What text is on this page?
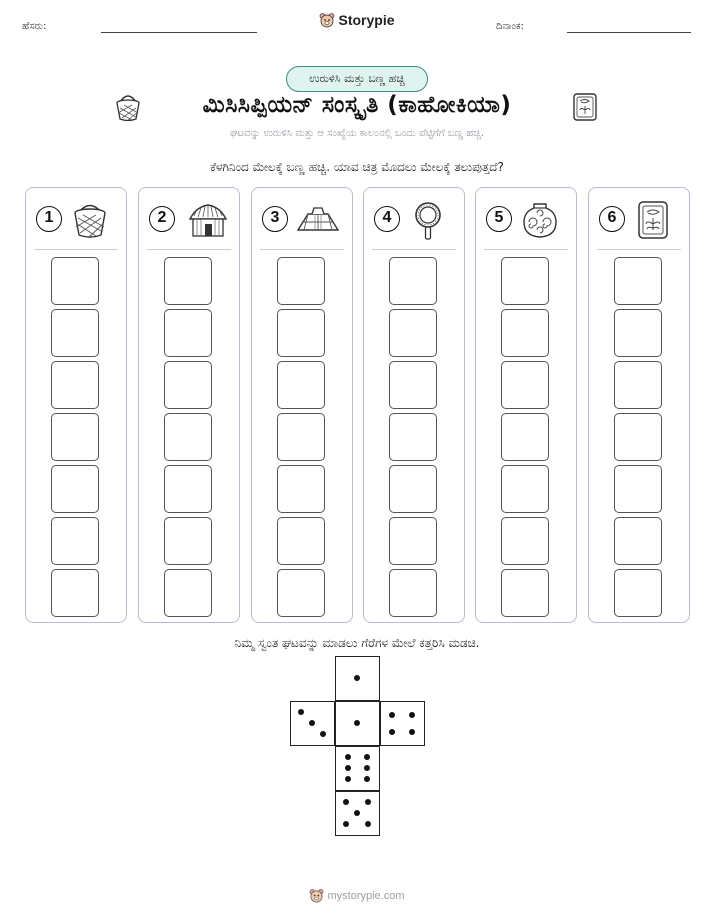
ಹೆಸರು:	Storypie	ದಿನಾಂಕ:
ಉರುಳಿಸಿ ಮತ್ತು ಬಣ್ಣ ಹಚ್ಚಿ
ಮಿಸಿಸಿಪ್ಪಿಯನ್ ಸಂಸ್ಕೃತಿ (ಕಾಹೋಕಿಯಾ)
ಘಟವನ್ನು ಉರುಳಿಸಿ ಮತ್ತು ಆ ಸಂಖ್ಯೆಯ ಕಾಲಂನಲ್ಲಿ ಒಂದು ಪೆಟ್ಟಿಗೆಗೆ ಬಣ್ಣ ಹಚ್ಚಿ.
ಕೆಳಗಿನಿಂದ ಮೇಲಕ್ಕೆ ಬಣ್ಣ ಹಚ್ಚಿ. ಯಾವ ಚಿತ್ರ ಮೊದಲು ಮೇಲಕ್ಕೆ ತಲುಪುತ್ತದೆ?
1	2	3	4	5	6
ನಿಮ್ಮ ಸ್ವಂತ ಘಟವನ್ನು ಮಾಡಲು ಗೆರೆಗಳ ಮೇಲೆ ಕತ್ತರಿಸಿ ಮಡಚಿ.
mystorypie.com
